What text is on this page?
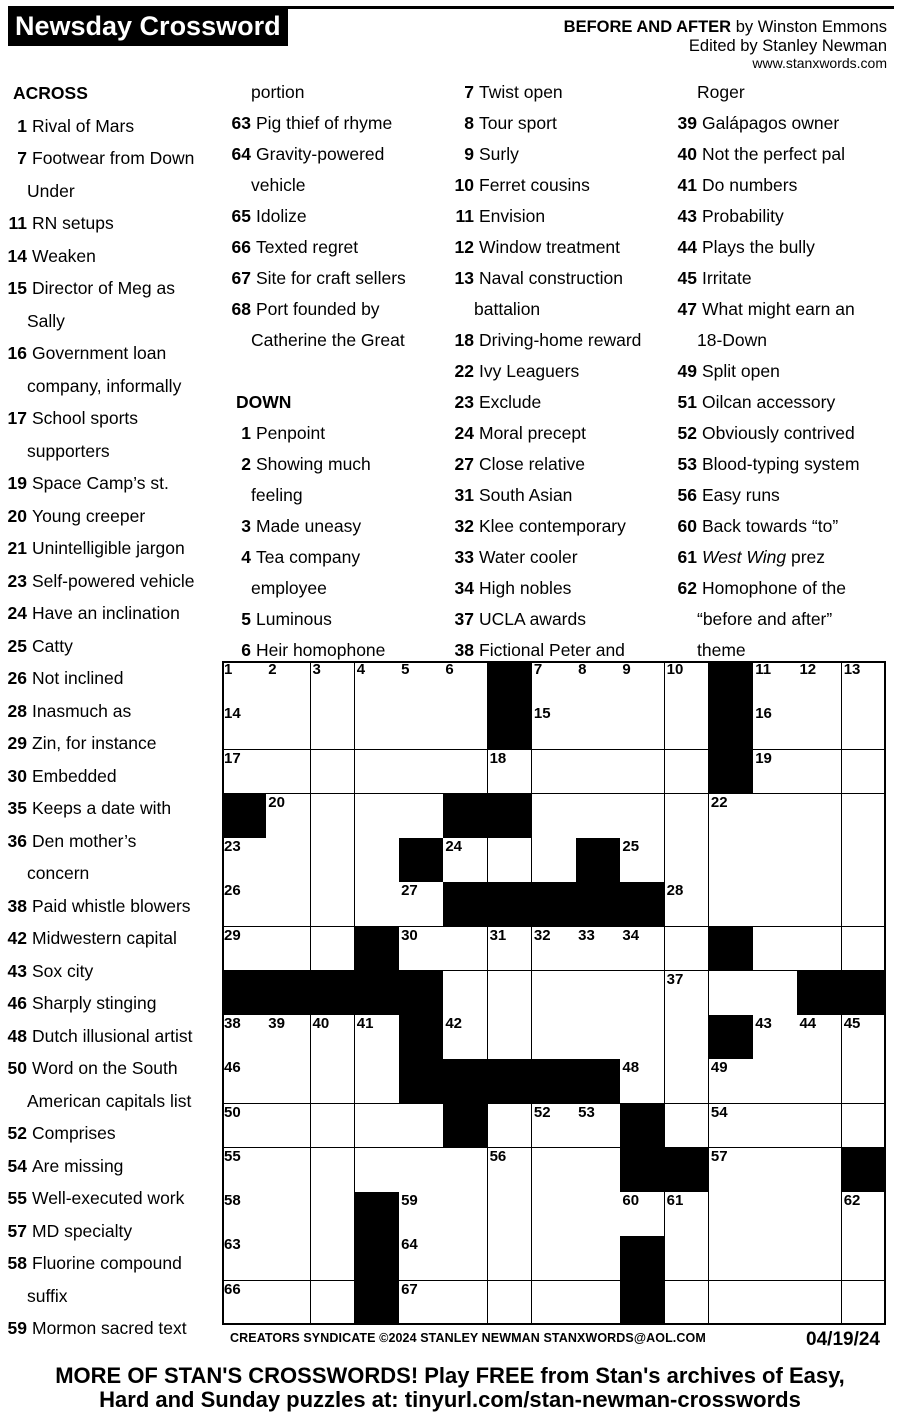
Newsday Crossword	BEFORE AND AFTER by Winston Emmons
Edited by Stanley Newman
www.stanxwords.com
ACROSS
1 Rival of Mars
7 Footwear from Down
Under
11 RN setups
14 Weaken
15 Director of Meg as
Sally
16 Government loan
company, informally
17 School sports
supporters
19 Space Camp’s st.
20 Young creeper
21 Unintelligible jargon
23 Self-powered vehicle
24 Have an inclination
25 Catty
26 Not inclined
28 Inasmuch as
29 Zin, for instance
30 Embedded
35 Keeps a date with
36 Den mother’s
concern
38 Paid whistle blowers
42 Midwestern capital
43 Sox city
46 Sharply stinging
48 Dutch illusional artist
50 Word on the South
American capitals list
52 Comprises
54 Are missing
55 Well-executed work
57 MD specialty
58 Fluorine compound
suffix
59 Mormon sacred text
portion
63 Pig thief of rhyme
64 Gravity-powered
vehicle
65 Idolize
66 Texted regret
67 Site for craft sellers
68 Port founded by
Catherine the Great
DOWN
1 Penpoint
2 Showing much
feeling
3 Made uneasy
4 Tea company
employee
5 Luminous
6 Heir homophone
7 Twist open
8 Tour sport
9 Surly
10 Ferret cousins
11 Envision
12 Window treatment
13 Naval construction
battalion
18 Driving-home reward
22 Ivy Leaguers
23 Exclude
24 Moral precept
27 Close relative
31 South Asian
32 Klee contemporary
33 Water cooler
34 High nobles
37 UCLA awards
38 Fictional Peter and
Roger
39 Galápagos owner
40 Not the perfect pal
41 Do numbers
43 Probability
44 Plays the bully
45 Irritate
47 What might earn an
18-Down
49 Split open
51 Oilcan accessory
52 Obviously contrived
53 Blood-typing system
56 Easy runs
60 Back towards “to”
61 West Wing prez
62 Homophone of the
“before and after”
theme
1 2 3 4 5 6	7 8 9 10	11 12 13
14	15	16
17	18	19
20	22
23	24	25
26	27	28
29	30	31 32 33 34
37
38 39 40 41	42	43 44 45
46	48	49
50	52 53	54
55	56	57
58	59	60 61	62
63	64
66	67
CREATORS SYNDICATE ©2024 STANLEY NEWMAN STANXWORDS@AOL.COM	04/19/24
MORE OF STAN'S CROSSWORDS! Play FREE from Stan's archives of Easy,
Hard and Sunday puzzles at: tinyurl.com/stan-newman-crosswords
